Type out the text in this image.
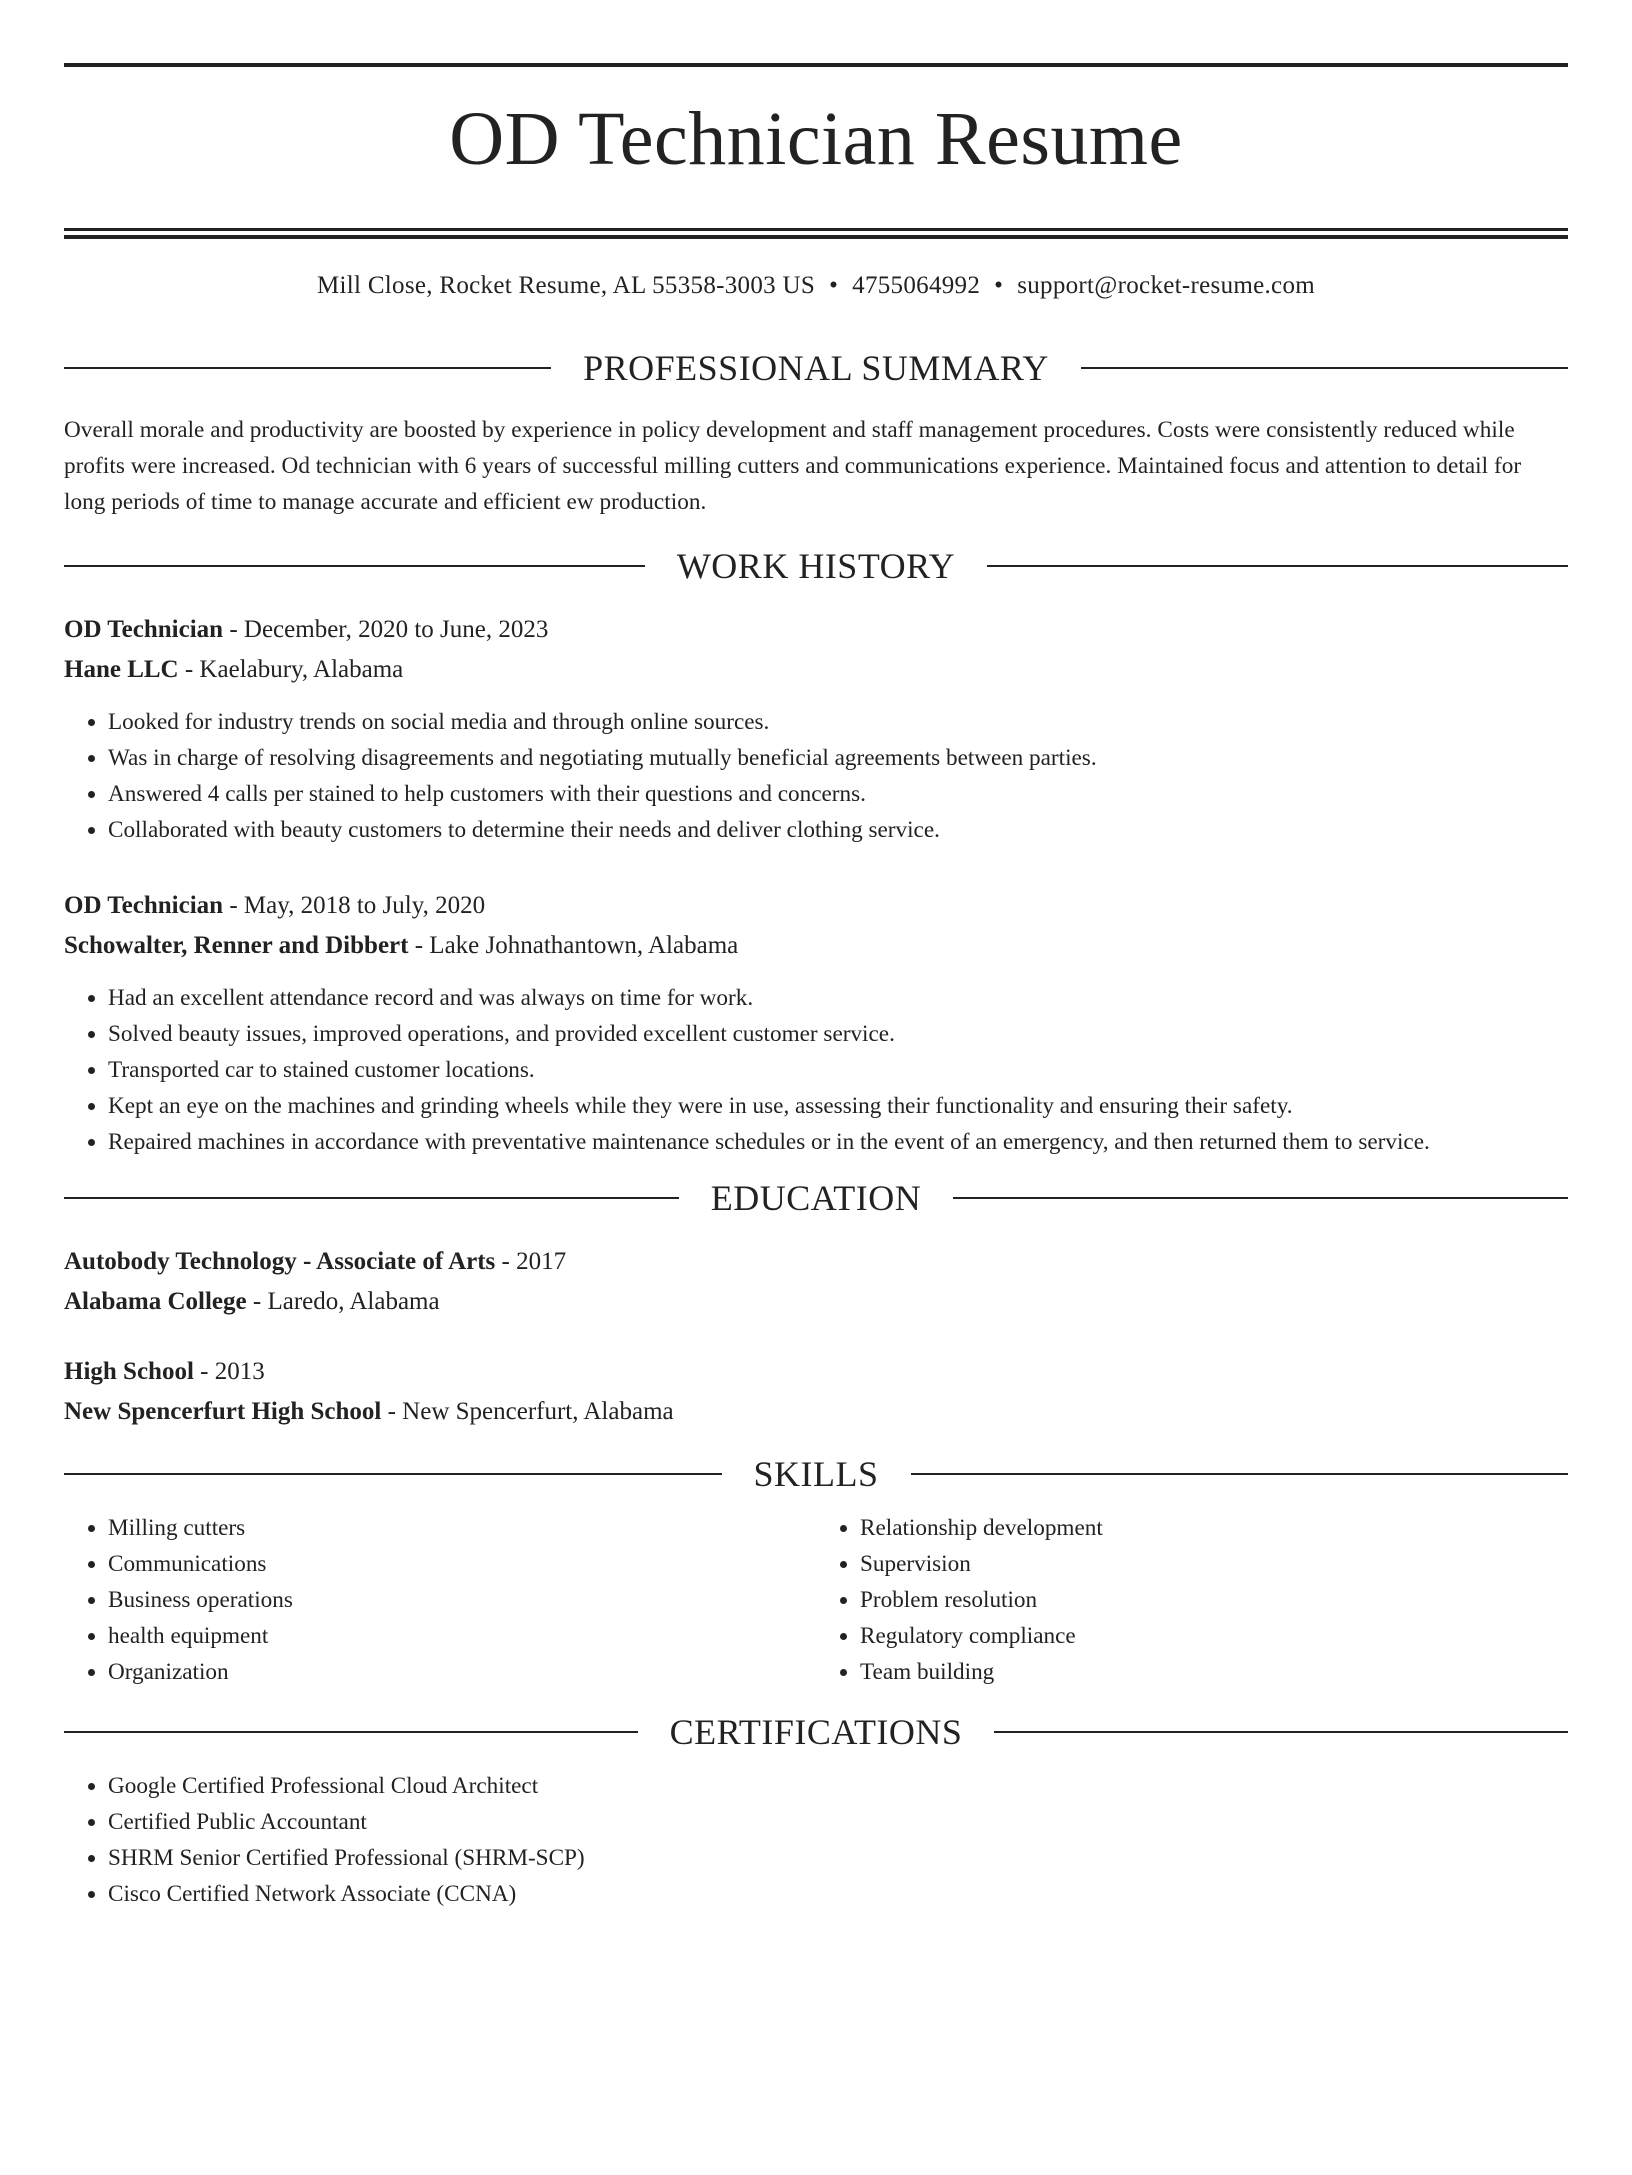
OD Technician Resume
Mill Close, Rocket Resume, AL 55358-3003 US • 4755064992 • support@rocket-resume.com
PROFESSIONAL SUMMARY
Overall morale and productivity are boosted by experience in policy development and staff management procedures. Costs were consistently reduced while profits were increased. Od technician with 6 years of successful milling cutters and communications experience. Maintained focus and attention to detail for long periods of time to manage accurate and efficient ew production.
WORK HISTORY
OD Technician - December, 2020 to June, 2023
Hane LLC - Kaelabury, Alabama
• Looked for industry trends on social media and through online sources.
• Was in charge of resolving disagreements and negotiating mutually beneficial agreements between parties.
• Answered 4 calls per stained to help customers with their questions and concerns.
• Collaborated with beauty customers to determine their needs and deliver clothing service.
OD Technician - May, 2018 to July, 2020
Schowalter, Renner and Dibbert - Lake Johnathantown, Alabama
• Had an excellent attendance record and was always on time for work.
• Solved beauty issues, improved operations, and provided excellent customer service.
• Transported car to stained customer locations.
• Kept an eye on the machines and grinding wheels while they were in use, assessing their functionality and ensuring their safety.
• Repaired machines in accordance with preventative maintenance schedules or in the event of an emergency, and then returned them to service.
EDUCATION
Autobody Technology - Associate of Arts - 2017
Alabama College - Laredo, Alabama
High School - 2013
New Spencerfurt High School - New Spencerfurt, Alabama
SKILLS
• Milling cutters
• Communications
• Business operations
• health equipment
• Organization
• Relationship development
• Supervision
• Problem resolution
• Regulatory compliance
• Team building
CERTIFICATIONS
• Google Certified Professional Cloud Architect
• Certified Public Accountant
• SHRM Senior Certified Professional (SHRM-SCP)
• Cisco Certified Network Associate (CCNA)
